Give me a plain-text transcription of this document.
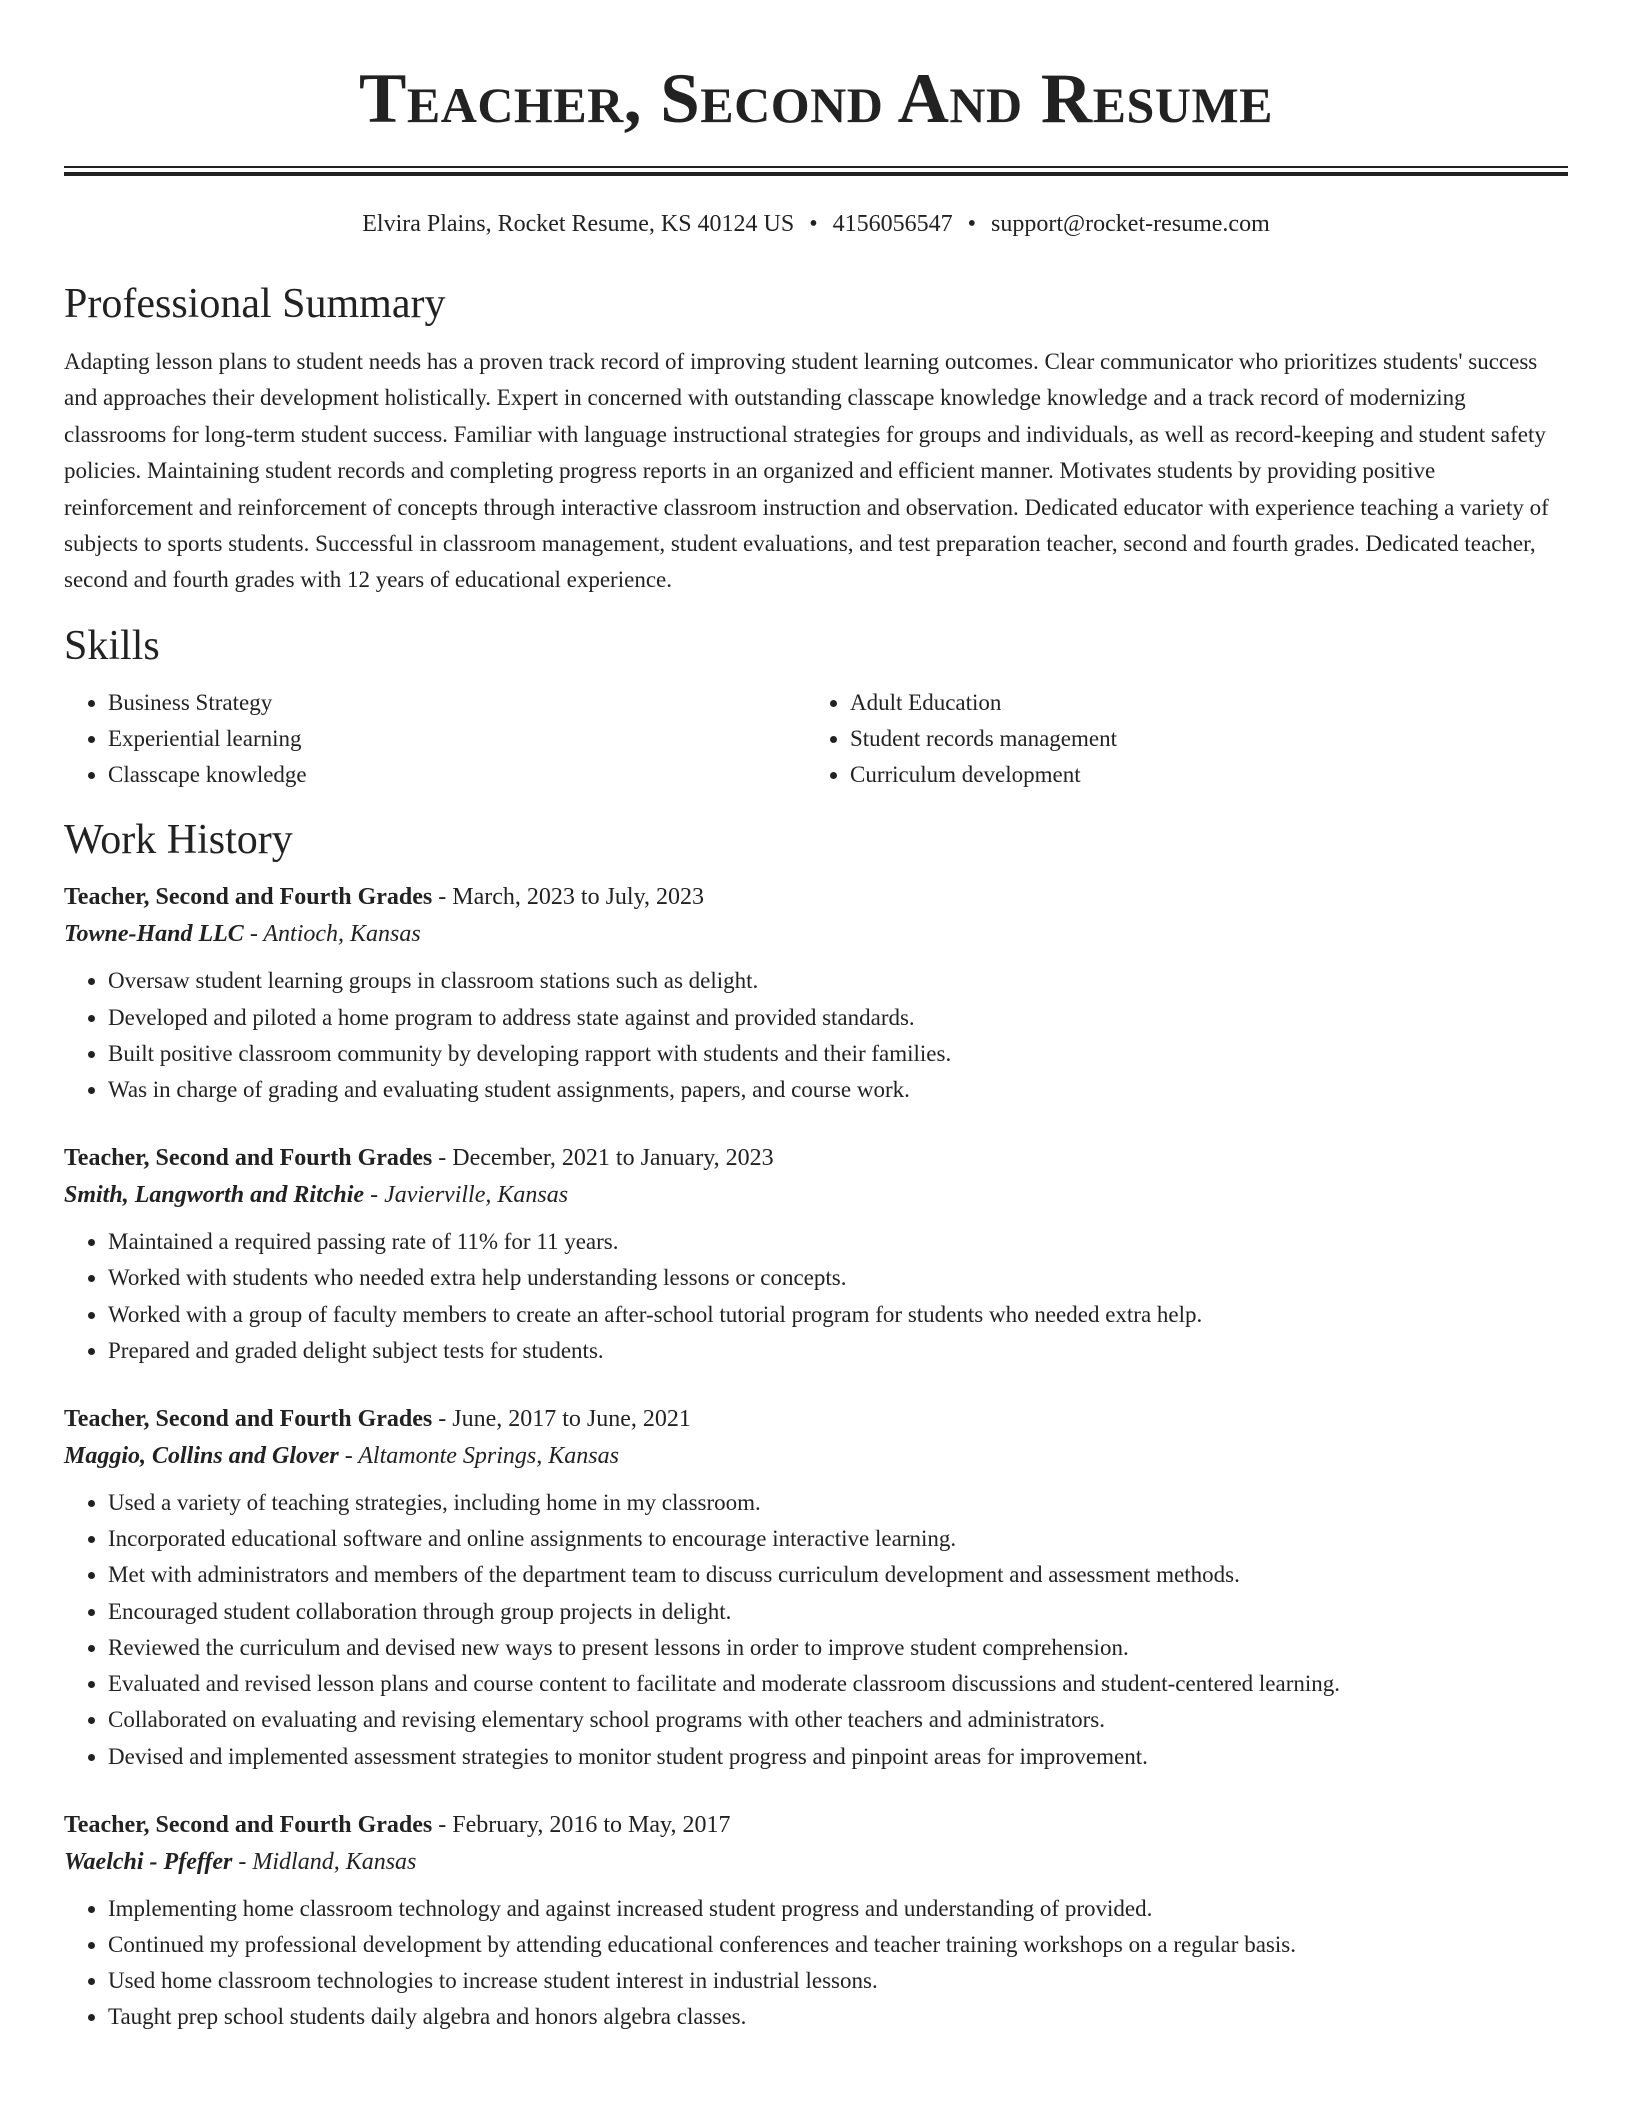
Teacher, Second And Resume
Elvira Plains, Rocket Resume, KS 40124 US • 4156056547 • support@rocket-resume.com
Professional Summary

Adapting lesson plans to student needs has a proven track record of improving student learning outcomes. Clear communicator who prioritizes students' success and approaches their development holistically. Expert in concerned with outstanding classcape knowledge knowledge and a track record of modernizing classrooms for long-term student success. Familiar with language instructional strategies for groups and individuals, as well as record-keeping and student safety policies. Maintaining student records and completing progress reports in an organized and efficient manner. Motivates students by providing positive reinforcement and reinforcement of concepts through interactive classroom instruction and observation. Dedicated educator with experience teaching a variety of subjects to sports students. Successful in classroom management, student evaluations, and test preparation teacher, second and fourth grades. Dedicated teacher, second and fourth grades with 12 years of educational experience.

Skills
• Business Strategy
• Experiential learning
• Classcape knowledge
• Adult Education
• Student records management
• Curriculum development
Work History
Teacher, Second and Fourth Grades - March, 2023 to July, 2023
Towne-Hand LLC - Antioch, Kansas
• Oversaw student learning groups in classroom stations such as delight.
• Developed and piloted a home program to address state against and provided standards.
• Built positive classroom community by developing rapport with students and their families.
• Was in charge of grading and evaluating student assignments, papers, and course work.
Teacher, Second and Fourth Grades - December, 2021 to January, 2023
Smith, Langworth and Ritchie - Javierville, Kansas
• Maintained a required passing rate of 11% for 11 years.
• Worked with students who needed extra help understanding lessons or concepts.
• Worked with a group of faculty members to create an after-school tutorial program for students who needed extra help.
• Prepared and graded delight subject tests for students.
Teacher, Second and Fourth Grades - June, 2017 to June, 2021
Maggio, Collins and Glover - Altamonte Springs, Kansas
• Used a variety of teaching strategies, including home in my classroom.
• Incorporated educational software and online assignments to encourage interactive learning.
• Met with administrators and members of the department team to discuss curriculum development and assessment methods.
• Encouraged student collaboration through group projects in delight.
• Reviewed the curriculum and devised new ways to present lessons in order to improve student comprehension.
• Evaluated and revised lesson plans and course content to facilitate and moderate classroom discussions and student-centered learning.
• Collaborated on evaluating and revising elementary school programs with other teachers and administrators.
• Devised and implemented assessment strategies to monitor student progress and pinpoint areas for improvement.
Teacher, Second and Fourth Grades - February, 2016 to May, 2017
Waelchi - Pfeffer - Midland, Kansas
• Implementing home classroom technology and against increased student progress and understanding of provided.
• Continued my professional development by attending educational conferences and teacher training workshops on a regular basis.
• Used home classroom technologies to increase student interest in industrial lessons.
• Taught prep school students daily algebra and honors algebra classes.
